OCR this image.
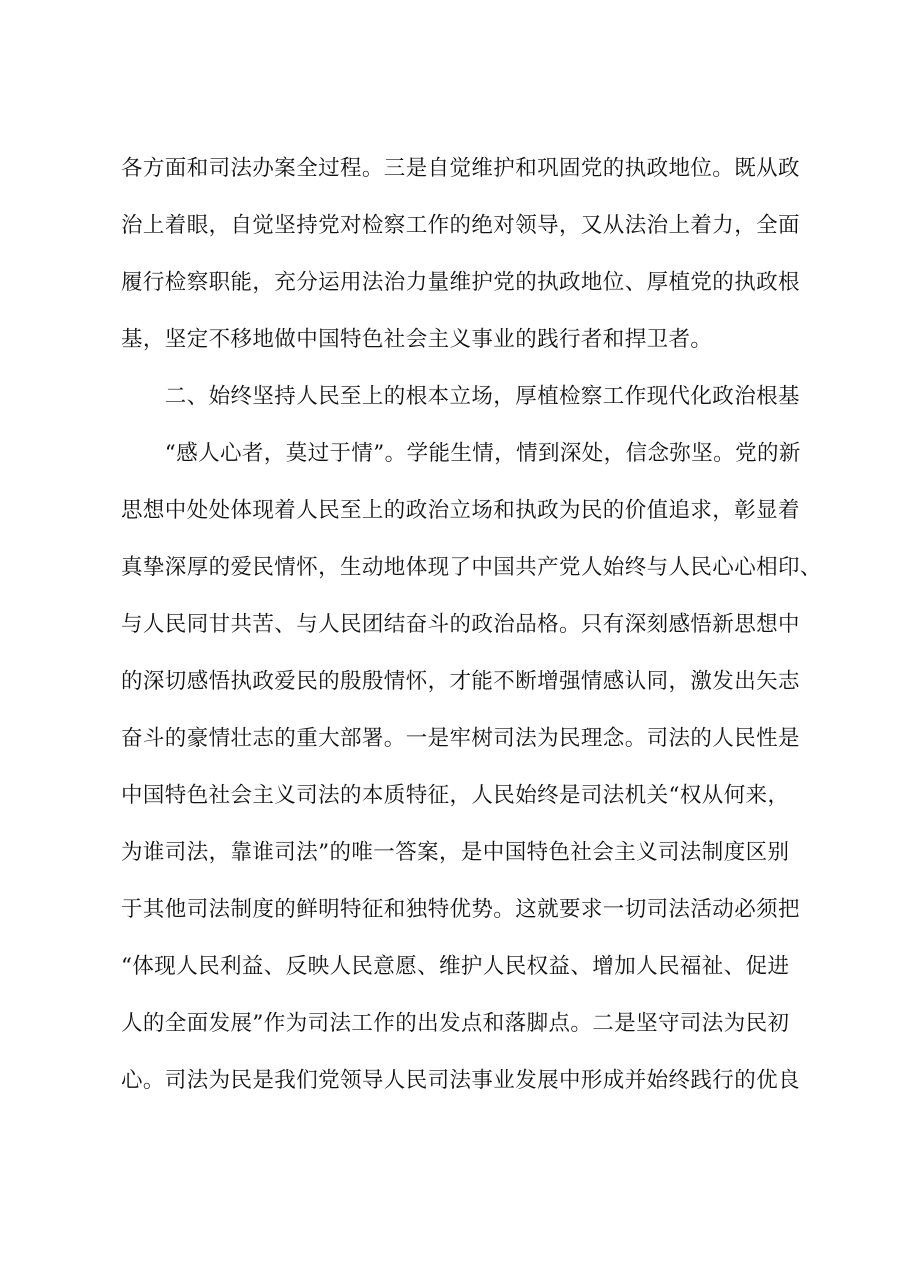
各方面和司法办案全过程。三是自觉维护和巩固党的执政地位。既从政
治上着眼，自觉坚持党对检察工作的绝对领导，又从法治上着力，全面
履行检察职能，充分运用法治力量维护党的执政地位、厚植党的执政根
基，坚定不移地做中国特色社会主义事业的践行者和捍卫者。
　　二、始终坚持人民至上的根本立场，厚植检察工作现代化政治根基
　　“感人心者，莫过于情”。学能生情，情到深处，信念弥坚。党的新
思想中处处体现着人民至上的政治立场和执政为民的价值追求，彰显着
真挚深厚的爱民情怀，生动地体现了中国共产党人始终与人民心心相印、
与人民同甘共苦、与人民团结奋斗的政治品格。只有深刻感悟新思想中
的深切感悟执政爱民的殷殷情怀，才能不断增强情感认同，激发出矢志
奋斗的豪情壮志的重大部署。一是牢树司法为民理念。司法的人民性是
中国特色社会主义司法的本质特征，人民始终是司法机关“权从何来，
为谁司法，靠谁司法”的唯一答案，是中国特色社会主义司法制度区别
于其他司法制度的鲜明特征和独特优势。这就要求一切司法活动必须把
“体现人民利益、反映人民意愿、维护人民权益、增加人民福祉、促进
人的全面发展”作为司法工作的出发点和落脚点。二是坚守司法为民初
心。司法为民是我们党领导人民司法事业发展中形成并始终践行的优良
